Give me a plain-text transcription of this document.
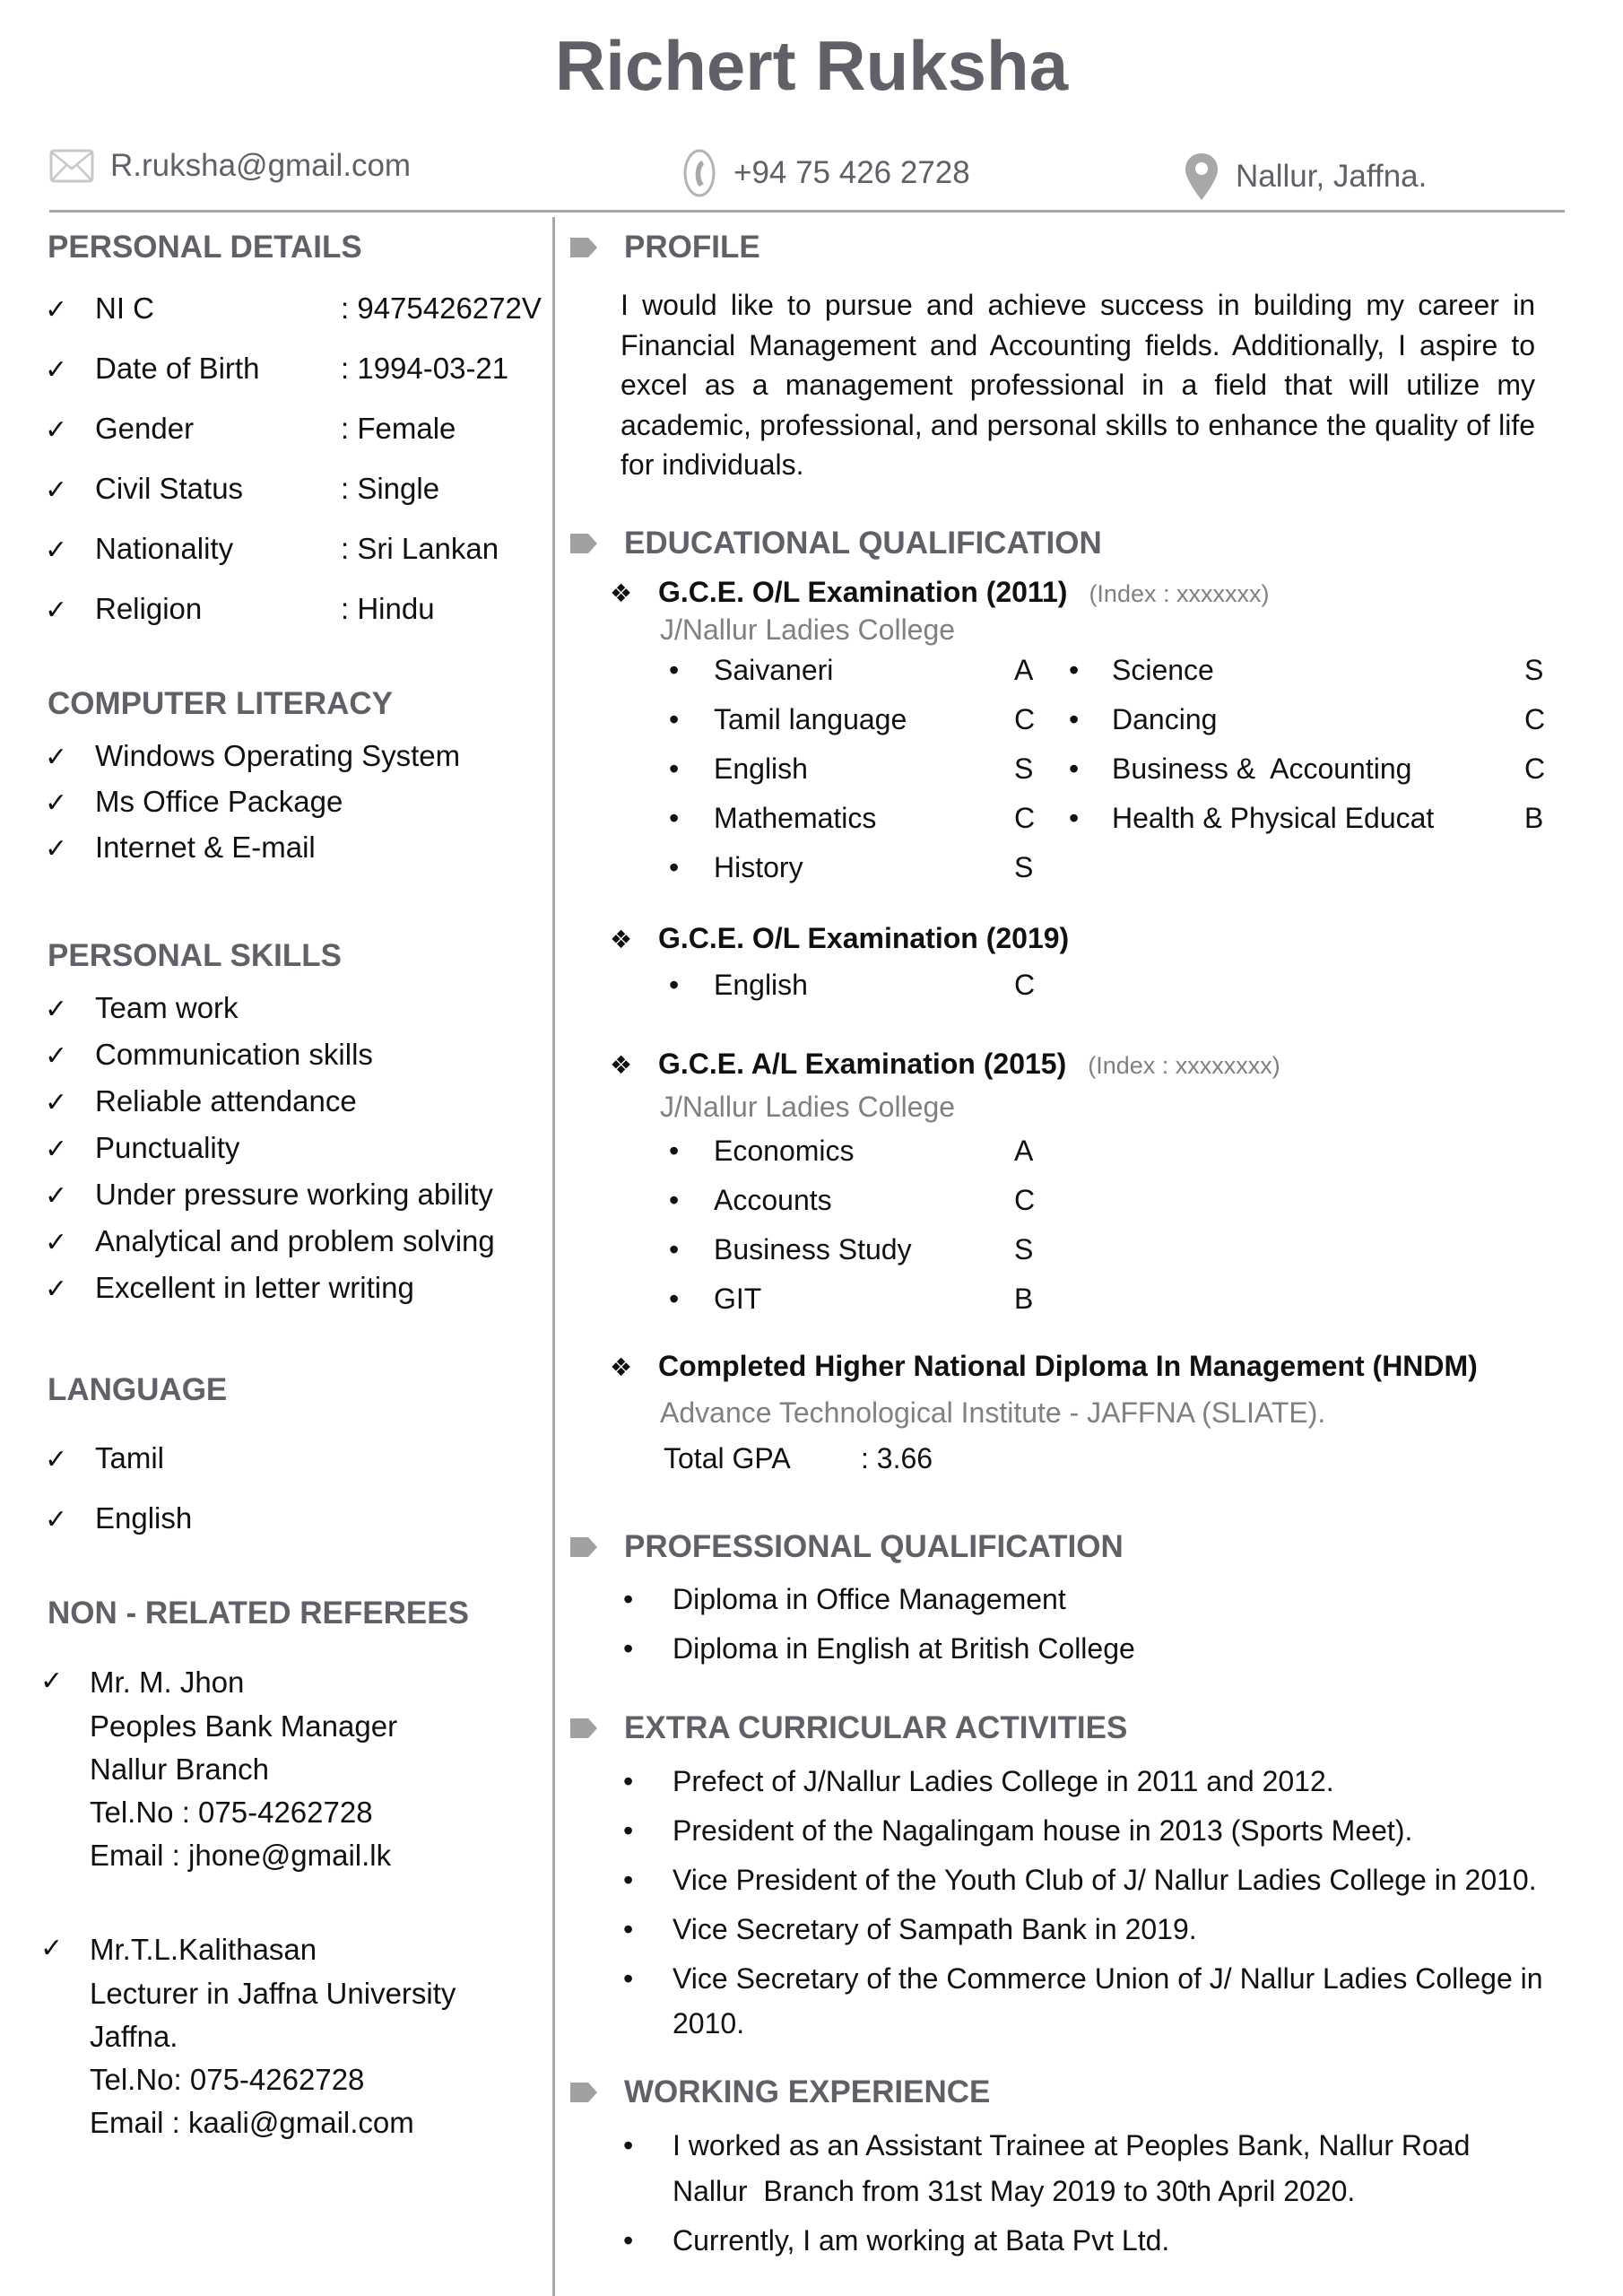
Richert Ruksha
R.ruksha@gmail.com	+94 75 426 2728	Nallur, Jaffna.
PERSONAL DETAILS
✓ NI C	: 9475426272V
✓ Date of Birth	: 1994-03-21
✓ Gender	: Female
✓ Civil Status	: Single
✓ Nationality	: Sri Lankan
✓ Religion	: Hindu
COMPUTER LITERACY
✓ Windows Operating System
✓ Ms Office Package
✓ Internet & E-mail
PERSONAL SKILLS
✓ Team work
✓ Communication skills
✓ Reliable attendance
✓ Punctuality
✓ Under pressure working ability
✓ Analytical and problem solving
✓ Excellent in letter writing
LANGUAGE
✓ Tamil
✓ English
NON - RELATED REFEREES
✓ Mr. M. Jhon
Peoples Bank Manager
Nallur Branch
Tel.No : 075-4262728
Email : jhone@gmail.lk
✓ Mr.T.L.Kalithasan
Lecturer in Jaffna University
Jaffna.
Tel.No: 075-4262728
Email : kaali@gmail.com
PROFILE
I would like to pursue and achieve success in building my career in Financial Management and Accounting fields. Additionally, I aspire to excel as a management professional in a field that will utilize my academic, professional, and personal skills to enhance the quality of life for individuals.
EDUCATIONAL QUALIFICATION
❖ G.C.E. O/L Examination (2011) (Index : xxxxxxx)
J/Nallur Ladies College
• Saivaneri	A
• Tamil language	C
• English	S
• Mathematics	C
• History	S
• Science	S
• Dancing	C
• Business &  Accounting	C
• Health & Physical Educat	B
❖ G.C.E. O/L Examination (2019)
• English	C
❖ G.C.E. A/L Examination (2015) (Index : xxxxxxxx)
J/Nallur Ladies College
• Economics	A
• Accounts	C
• Business Study	S
• GIT	B
❖ Completed Higher National Diploma In Management (HNDM)
Advance Technological Institute - JAFFNA (SLIATE).
Total GPA : 3.66
PROFESSIONAL QUALIFICATION
• Diploma in Office Management
• Diploma in English at British College
EXTRA CURRICULAR ACTIVITIES
• Prefect of J/Nallur Ladies College in 2011 and 2012.
• President of the Nagalingam house in 2013 (Sports Meet).
• Vice President of the Youth Club of J/ Nallur Ladies College in 2010.
• Vice Secretary of Sampath Bank in 2019.
• Vice Secretary of the Commerce Union of J/ Nallur Ladies College in
2010.
WORKING EXPERIENCE
• I worked as an Assistant Trainee at Peoples Bank, Nallur Road
Nallur  Branch from 31st May 2019 to 30th April 2020.
• Currently, I am working at Bata Pvt Ltd.
